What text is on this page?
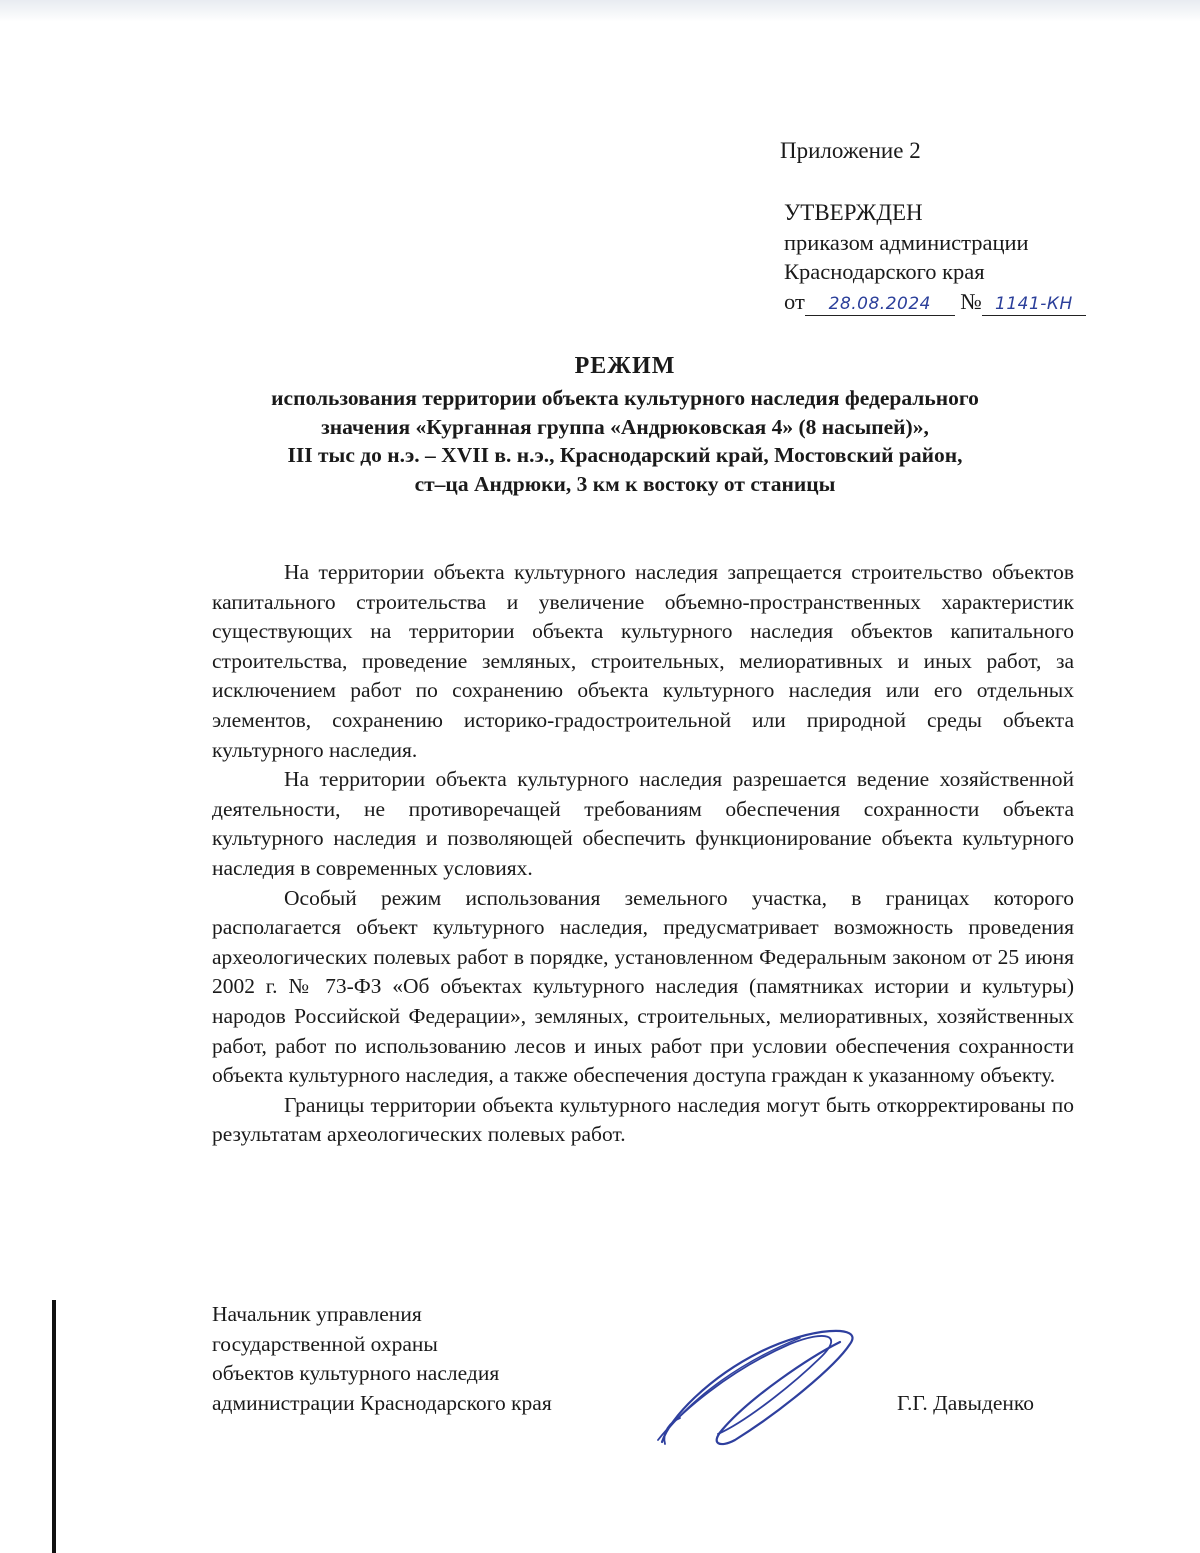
Приложение 2
УТВЕРЖДЕН
приказом администрации
Краснодарского края
от 28.08.2024 № 1141-КН
РЕЖИМ
использования территории объекта культурного наследия федерального
значения «Курганная группа «Андрюковская 4» (8 насыпей)»,
III тыс до н.э. – XVII в. н.э., Краснодарский край, Мостовский район,
ст–ца Андрюки, 3 км к востоку от станицы

На территории объекта культурного наследия запрещается строительство объектов капитального строительства и увеличение объемно-пространственных характеристик существующих на территории объекта культурного наследия объектов капитального строительства, проведение земляных, строительных, мелиоративных и иных работ, за исключением работ по сохранению объекта культурного наследия или его отдельных элементов, сохранению историко-градостроительной или природной среды объекта культурного наследия.

На территории объекта культурного наследия разрешается ведение хозяйственной деятельности, не противоречащей требованиям обеспечения сохранности объекта культурного наследия и позволяющей обеспечить функционирование объекта культурного наследия в современных условиях.

Особый режим использования земельного участка, в границах которого располагается объект культурного наследия, предусматривает возможность проведения археологических полевых работ в порядке, установленном Федеральным законом от 25 июня 2002 г. № 73-ФЗ «Об объектах культурного наследия (памятниках истории и культуры) народов Российской Федерации», земляных, строительных, мелиоративных, хозяйственных работ, работ по использованию лесов и иных работ при условии обеспечения сохранности объекта культурного наследия, а также обеспечения доступа граждан к указанному объекту.

Границы территории объекта культурного наследия могут быть откорректированы по результатам археологических полевых работ.

Начальник управления
государственной охраны
объектов культурного наследия
администрации Краснодарского края	Г.Г. Давыденко
